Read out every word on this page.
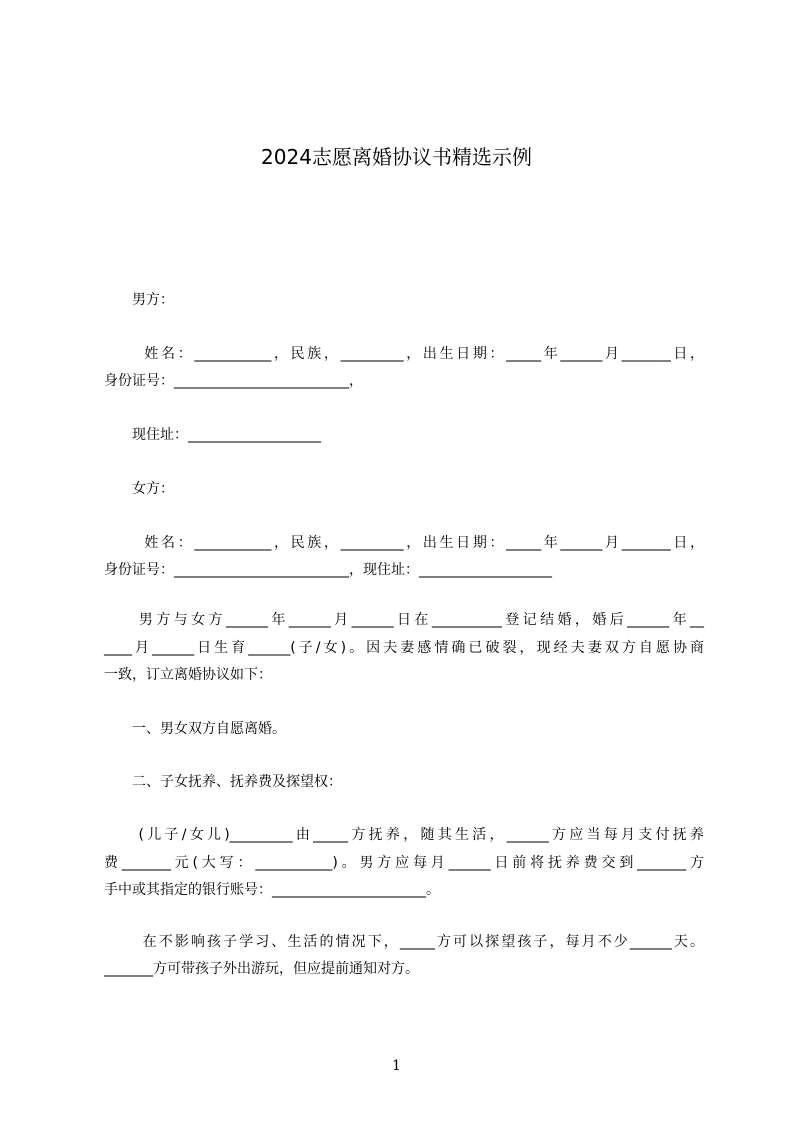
2024志愿离婚协议书精选示例
　　男方：
　　 姓名：___________，民族，_________，出生日期：_____年______月_______日，
身份证号：_________________________，
　　现住址：___________________
　　女方：
　　 姓名：___________，民族，_________，出生日期：_____年______月_______日，
身份证号：_________________________，现住址：___________________
　　男方与女方______年______月______日在__________登记结婚，婚后______年__
____月______日生育______(子/女)。因夫妻感情确已破裂，现经夫妻双方自愿协商
一致，订立离婚协议如下：
　　一、男女双方自愿离婚。
　　二、子女抚养、抚养费及探望权：
　　(儿子/女儿)_________由_____方抚养，随其生活，______方应当每月支付抚养
费_______元(大写：___________)。男方应每月______日前将抚养费交到_______方
手中或其指定的银行账号：______________________。
　　 在不影响孩子学习、生活的情况下，_____方可以探望孩子，每月不少______天。
_______方可带孩子外出游玩，但应提前通知对方。
1
